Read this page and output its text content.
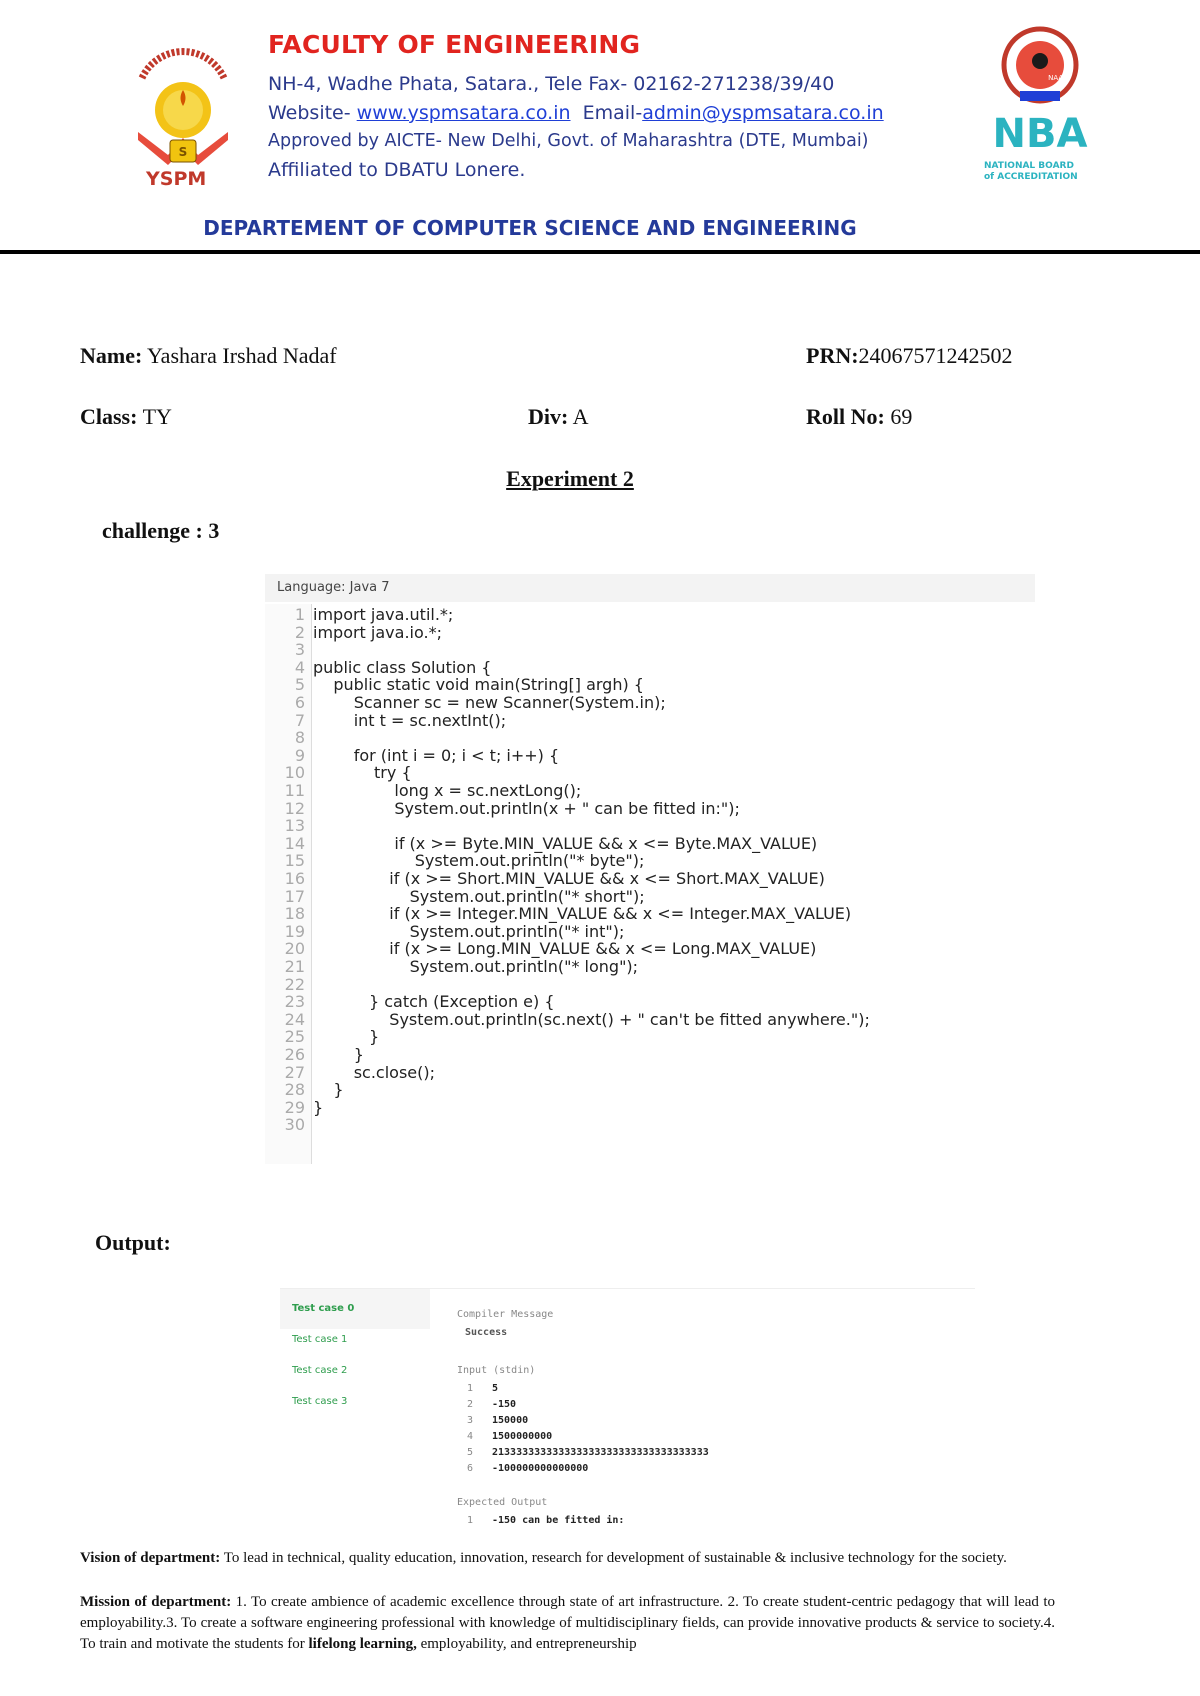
S
YSPM
FACULTY OF ENGINEERING
NH-4, Wadhe Phata, Satara., Tele Fax- 02162-271238/39/40
Website- www.yspmsatara.co.in Email-admin@yspmsatara.co.in
Approved by AICTE- New Delhi, Govt. of Maharashtra (DTE, Mumbai)
Affiliated to DBATU Lonere.
NBA
NAAC
NATIONAL BOARD
of ACCREDITATION
DEPARTEMENT OF COMPUTER SCIENCE AND ENGINEERING
Name: Yashara Irshad Nadaf	PRN:24067571242502
Class: TY	Div: A	Roll No: 69
Experiment 2
challenge : 3
Language: Java 7
1 import java.util.*;
2 import java.io.*;
3
4 public class Solution {
5 public static void main(String[] argh) {
6 Scanner sc = new Scanner(System.in);
7 int t = sc.nextInt();
8
9 for (int i = 0; i < t; i++) {
10 try {
11 long x = sc.nextLong();
12 System.out.println(x + " can be fitted in:");
13
14 if (x >= Byte.MIN_VALUE && x <= Byte.MAX_VALUE)
15 System.out.println("* byte");
16 if (x >= Short.MIN_VALUE && x <= Short.MAX_VALUE)
17 System.out.println("* short");
18 if (x >= Integer.MIN_VALUE && x <= Integer.MAX_VALUE)
19 System.out.println("* int");
20 if (x >= Long.MIN_VALUE && x <= Long.MAX_VALUE)
21 System.out.println("* long");
22
23 } catch (Exception e) {
24 System.out.println(sc.next() + " can't be fitted anywhere.");
25 }
26 }
27 sc.close();
28 }
29 }
30
Output:
Test case 0
Test case 1
Test case 2
Test case 3
Compiler Message
Success
Input (stdin)
1 5
2 -150
3 150000
4 1500000000
5 213333333333333333333333333333333333
6 -100000000000000
Expected Output
1 -150 can be fitted in:
Vision of department: To lead in technical, quality education, innovation, research for development of sustainable & inclusive technology for the society.
Mission of department: 1. To create ambience of academic excellence through state of art infrastructure. 2. To create student-centric pedagogy that will lead to employability.3. To create a software engineering professional with knowledge of multidisciplinary fields, can provide innovative products & service to society.4. To train and motivate the students for lifelong learning, employability, and entrepreneurship
